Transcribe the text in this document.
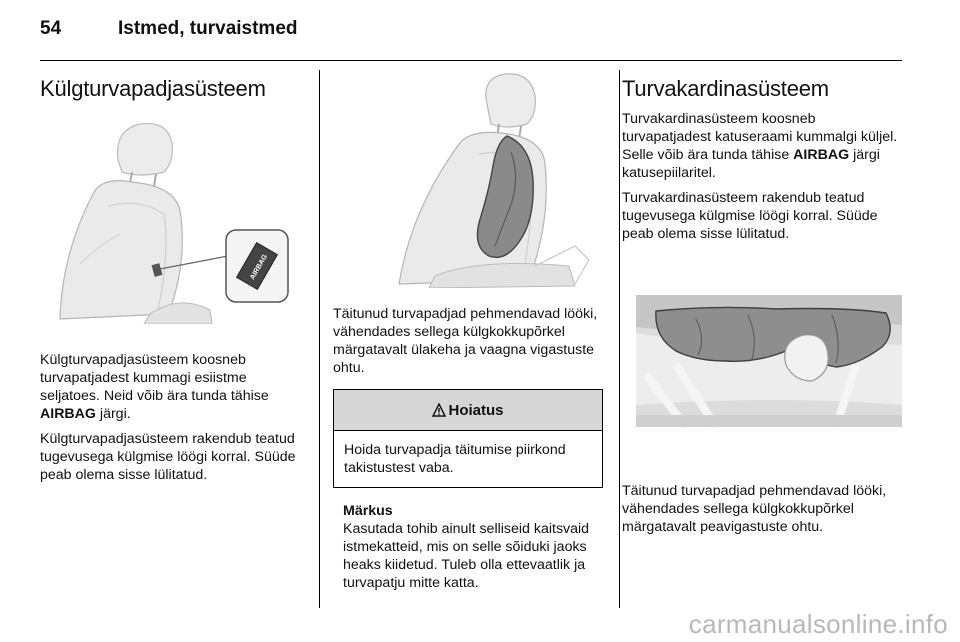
54	Istmed, turvaistmed
Külgturvapadjasüsteem
AIRBAG

Külgturvapadjasüsteem koosneb turvapatjadest kummagi esiistme seljatoes. Neid võib ära tunda tähise AIRBAG järgi.

Külgturvapadjasüsteem rakendub teatud tugevusega külgmise löögi korral. Süüde peab olema sisse lülitatud.

Täitunud turvapadjad pehmendavad lööki, vähendades sellega külgkokkupõrkel märgatavalt ülakeha ja vaagna vigastuste ohtu.

Hoiatus
Hoida turvapadja täitumise piirkond takistustest vaba.
Märkus

Kasutada tohib ainult selliseid kaitsvaid istmekatteid, mis on selle sõiduki jaoks heaks kiidetud. Tuleb olla ettevaatlik ja turvapatju mitte katta.

Turvakardinasüsteem

Turvakardinasüsteem koosneb turvapatjadest katuseraami kummalgi küljel. Selle võib ära tunda tähise AIRBAG järgi katusepiilaritel.

Turvakardinasüsteem rakendub teatud tugevusega külgmise löögi korral. Süüde peab olema sisse lülitatud.

Täitunud turvapadjad pehmendavad lööki, vähendades sellega külgkokkupõrkel märgatavalt peavigastuste ohtu.

carmanualsonline.info
